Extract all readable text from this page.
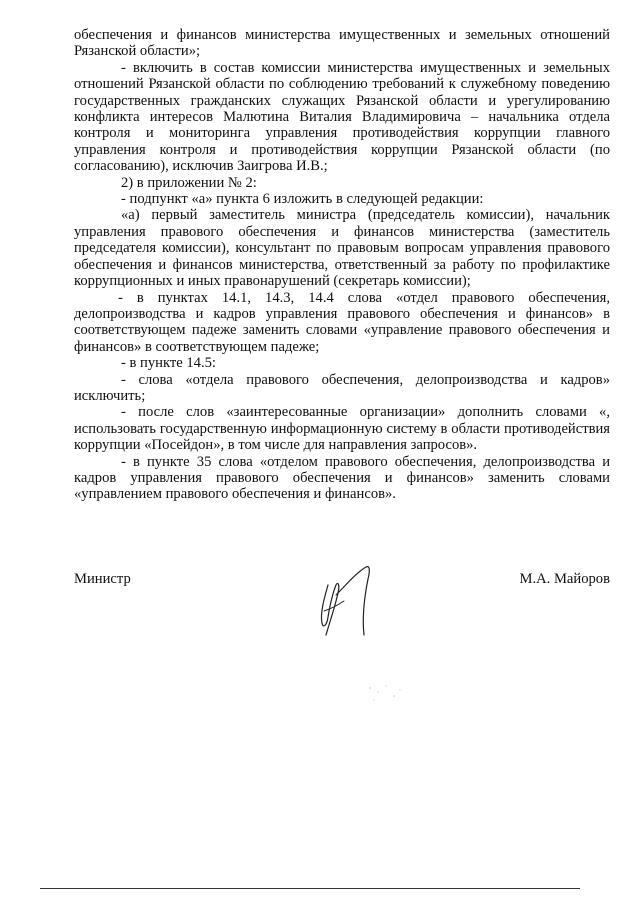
обеспечения и финансов министерства имущественных и земельных отношений Рязанской области»;

- включить в состав комиссии министерства имущественных и земельных отношений Рязанской области по соблюдению требований к служебному поведению государственных гражданских служащих Рязанской области и урегулированию конфликта интересов Малютина Виталия Владимировича – начальника отдела контроля и мониторинга управления противодействия коррупции главного управления контроля и противодействия коррупции Рязанской области (по согласованию), исключив Заигрова И.В.;

2) в приложении № 2:

- подпункт «а» пункта 6 изложить в следующей редакции:

«а) первый заместитель министра (председатель комиссии), начальник управления правового обеспечения и финансов министерства (заместитель председателя комиссии), консультант по правовым вопросам управления правового обеспечения и финансов министерства, ответственный за работу по профилактике коррупционных и иных правонарушений (секретарь комиссии);

- в пунктах 14.1, 14.3, 14.4 слова «отдел правового обеспечения, делопроизводства и кадров управления правового обеспечения и финансов» в соответствующем падеже заменить словами «управление правового обеспечения и финансов» в соответствующем падеже;

- в пункте 14.5:

- слова «отдела правового обеспечения, делопроизводства и кадров» исключить;

- после слов «заинтересованные организации» дополнить словами «, использовать государственную информационную систему в области противодействия коррупции «Посейдон», в том числе для направления запросов».

- в пункте 35 слова «отделом правового обеспечения, делопроизводства и кадров управления правового обеспечения и финансов» заменить словами «управлением правового обеспечения и финансов».

Министр	М.А. Майоров
